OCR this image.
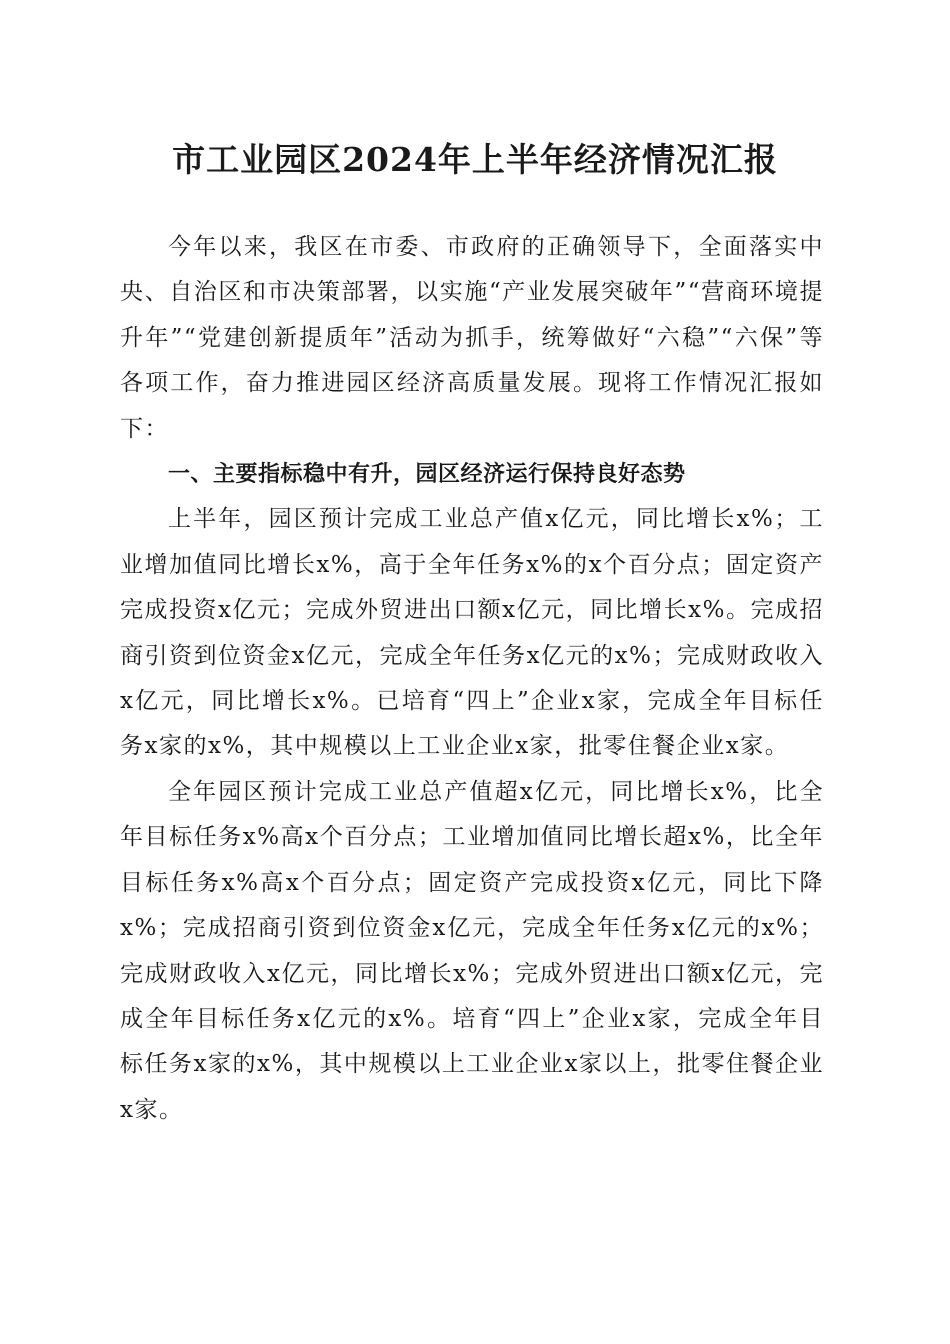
市工业园区2024年上半年经济情况汇报

今年以来，我区在市委、市政府的正确领导下，全面落实中央、自治区和市决策部署，以实施“产业发展突破年”“营商环境提升年”“党建创新提质年”活动为抓手，统筹做好“六稳”“六保”等各项工作，奋力推进园区经济高质量发展。现将工作情况汇报如下：

一、主要指标稳中有升，园区经济运行保持良好态势

上半年，园区预计完成工业总产值x亿元，同比增长x%；工业增加值同比增长x%，高于全年任务x%的x个百分点；固定资产完成投资x亿元；完成外贸进出口额x亿元，同比增长x%。完成招商引资到位资金x亿元，完成全年任务x亿元的x%；完成财政收入x亿元，同比增长x%。已培育“四上”企业x家，完成全年目标任务x家的x%，其中规模以上工业企业x家，批零住餐企业x家。

全年园区预计完成工业总产值超x亿元，同比增长x%，比全年目标任务x%高x个百分点；工业增加值同比增长超x%，比全年目标任务x%高x个百分点；固定资产完成投资x亿元，同比下降x%；完成招商引资到位资金x亿元，完成全年任务x亿元的x%；完成财政收入x亿元，同比增长x%；完成外贸进出口额x亿元，完成全年目标任务x亿元的x%。培育“四上”企业x家，完成全年目标任务x家的x%，其中规模以上工业企业x家以上，批零住餐企业x家。
